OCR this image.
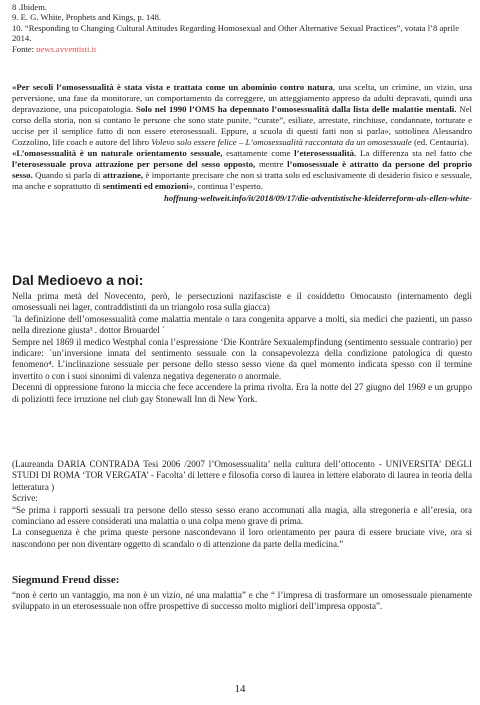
8 .Ibidem.
9. E. G. White, Prophets and Kings, p. 148.
10. “Responding to Changing Cultural Attitudes Regarding Homosexual and Other Alternative Sexual Practices”, votata l’8 aprile 2014.
Fonte: news.avventisti.it

«Per secoli l’omosessualità è stata vista e trattata come un abominio contro natura, una scelta, un crimine, un vizio, una perversione, una fase da monitorare, un comportamento da correggere, un atteggiamento appreso da adulti depravati, quindi una depravazione, una psicopatologia. Solo nel 1990 l’OMS ha depennato l’omosessualità dalla lista delle malattie mentali. Nel corso della storia, non si contano le persone che sono state punite, “curate”, esiliate, arrestate, rinchiuse, condannate, torturate e uccise per il semplice fatto di non essere eterosessuali. Eppure, a scuola di questi fatti non si parla», sottolinea Alessandro Cozzolino, life coach e autore del libro Volevo solo essere felice – L’omosessualità raccontata da un omosessuale (ed. Centauria).

«L’omosessualità è un naturale orientamento sessuale, esattamente come l’eterosessualità. La differenza sta nel fatto che l’eterosessuale prova attrazione per persone del sesso opposto, mentre l’omosessuale è attratto da persone del proprio sesso. Quando si parla di attrazione, è importante precisare che non si tratta solo ed esclusivamente di desiderio fisico e sessuale, ma anche e soprattutto di sentimenti ed emozioni», continua l’esperto.

hoffnung-weltweit.info/it/2018/09/17/die-adventistische-kleiderreform-als-ellen-white-
Dal Medioevo a noi:

Nella prima metà del Novecento, però, le persecuzioni nazifasciste e il cosiddetto Omocausto (internamento degli omosessuali nei lager, contraddistinti da un triangolo rosa sulla giacca)

´la definizione dell’omosessualità come malattia mentale o tara congenita apparve a molti, sia medici che pazienti, un passo nella direzione giusta³ . dottor Brouardel ´

Sempre nel 1869 il medico Westphal conia l’espressione ‘Die Konträre Sexualempfindung (sentimento sessuale contrario) per indicare: ´un’inversione innata del sentimento sessuale con la consapevolezza della condizione patologica di questo fenomeno⁴. L’inclinazione sessuale per persone dello stesso sesso viene da quel momento indicata spesso con il termine invertito o con i suoi sinonimi di valenza negativa degenerato o anormale.

Decenni di oppressione furono la miccia che fece accendere la prima rivolta. Era la notte del 27 giugno del 1969 e un gruppo di poliziotti fece irruzione nel club gay Stonewall Inn di New York.

(Laureanda DARIA CONTRADA Tesi 2006 /2007 l’Omosessualita’ nella cultura dell’ottocento - UNIVERSITA’ DEGLI STUDI DI ROMA ‘TOR VERGATA’ - Facolta’ di lettere e filosofia corso di laurea in lettere elaborato di laurea in teoria della letteratura )

Scrive:

“Se prima i rapporti sessuali tra persone dello stesso sesso erano accomunati alla magia, alla stregoneria e all’eresia, ora cominciano ad essere considerati una malattia o una colpa meno grave di prima.

La conseguenza è che prima queste persone nascondevano il loro orientamento per paura di essere bruciate vive, ora si nascondono per non diventare oggetto di scandalo o di attenzione da parte della medicina.”

Siegmund Freud disse:
“non è certo un vantaggio, ma non è un vizio, né una malattia” e che “ l’impresa di trasformare un omosessuale pienamente sviluppato in un eterosessuale non offre prospettive di successo molto migliori dell’impresa opposta”.
14
